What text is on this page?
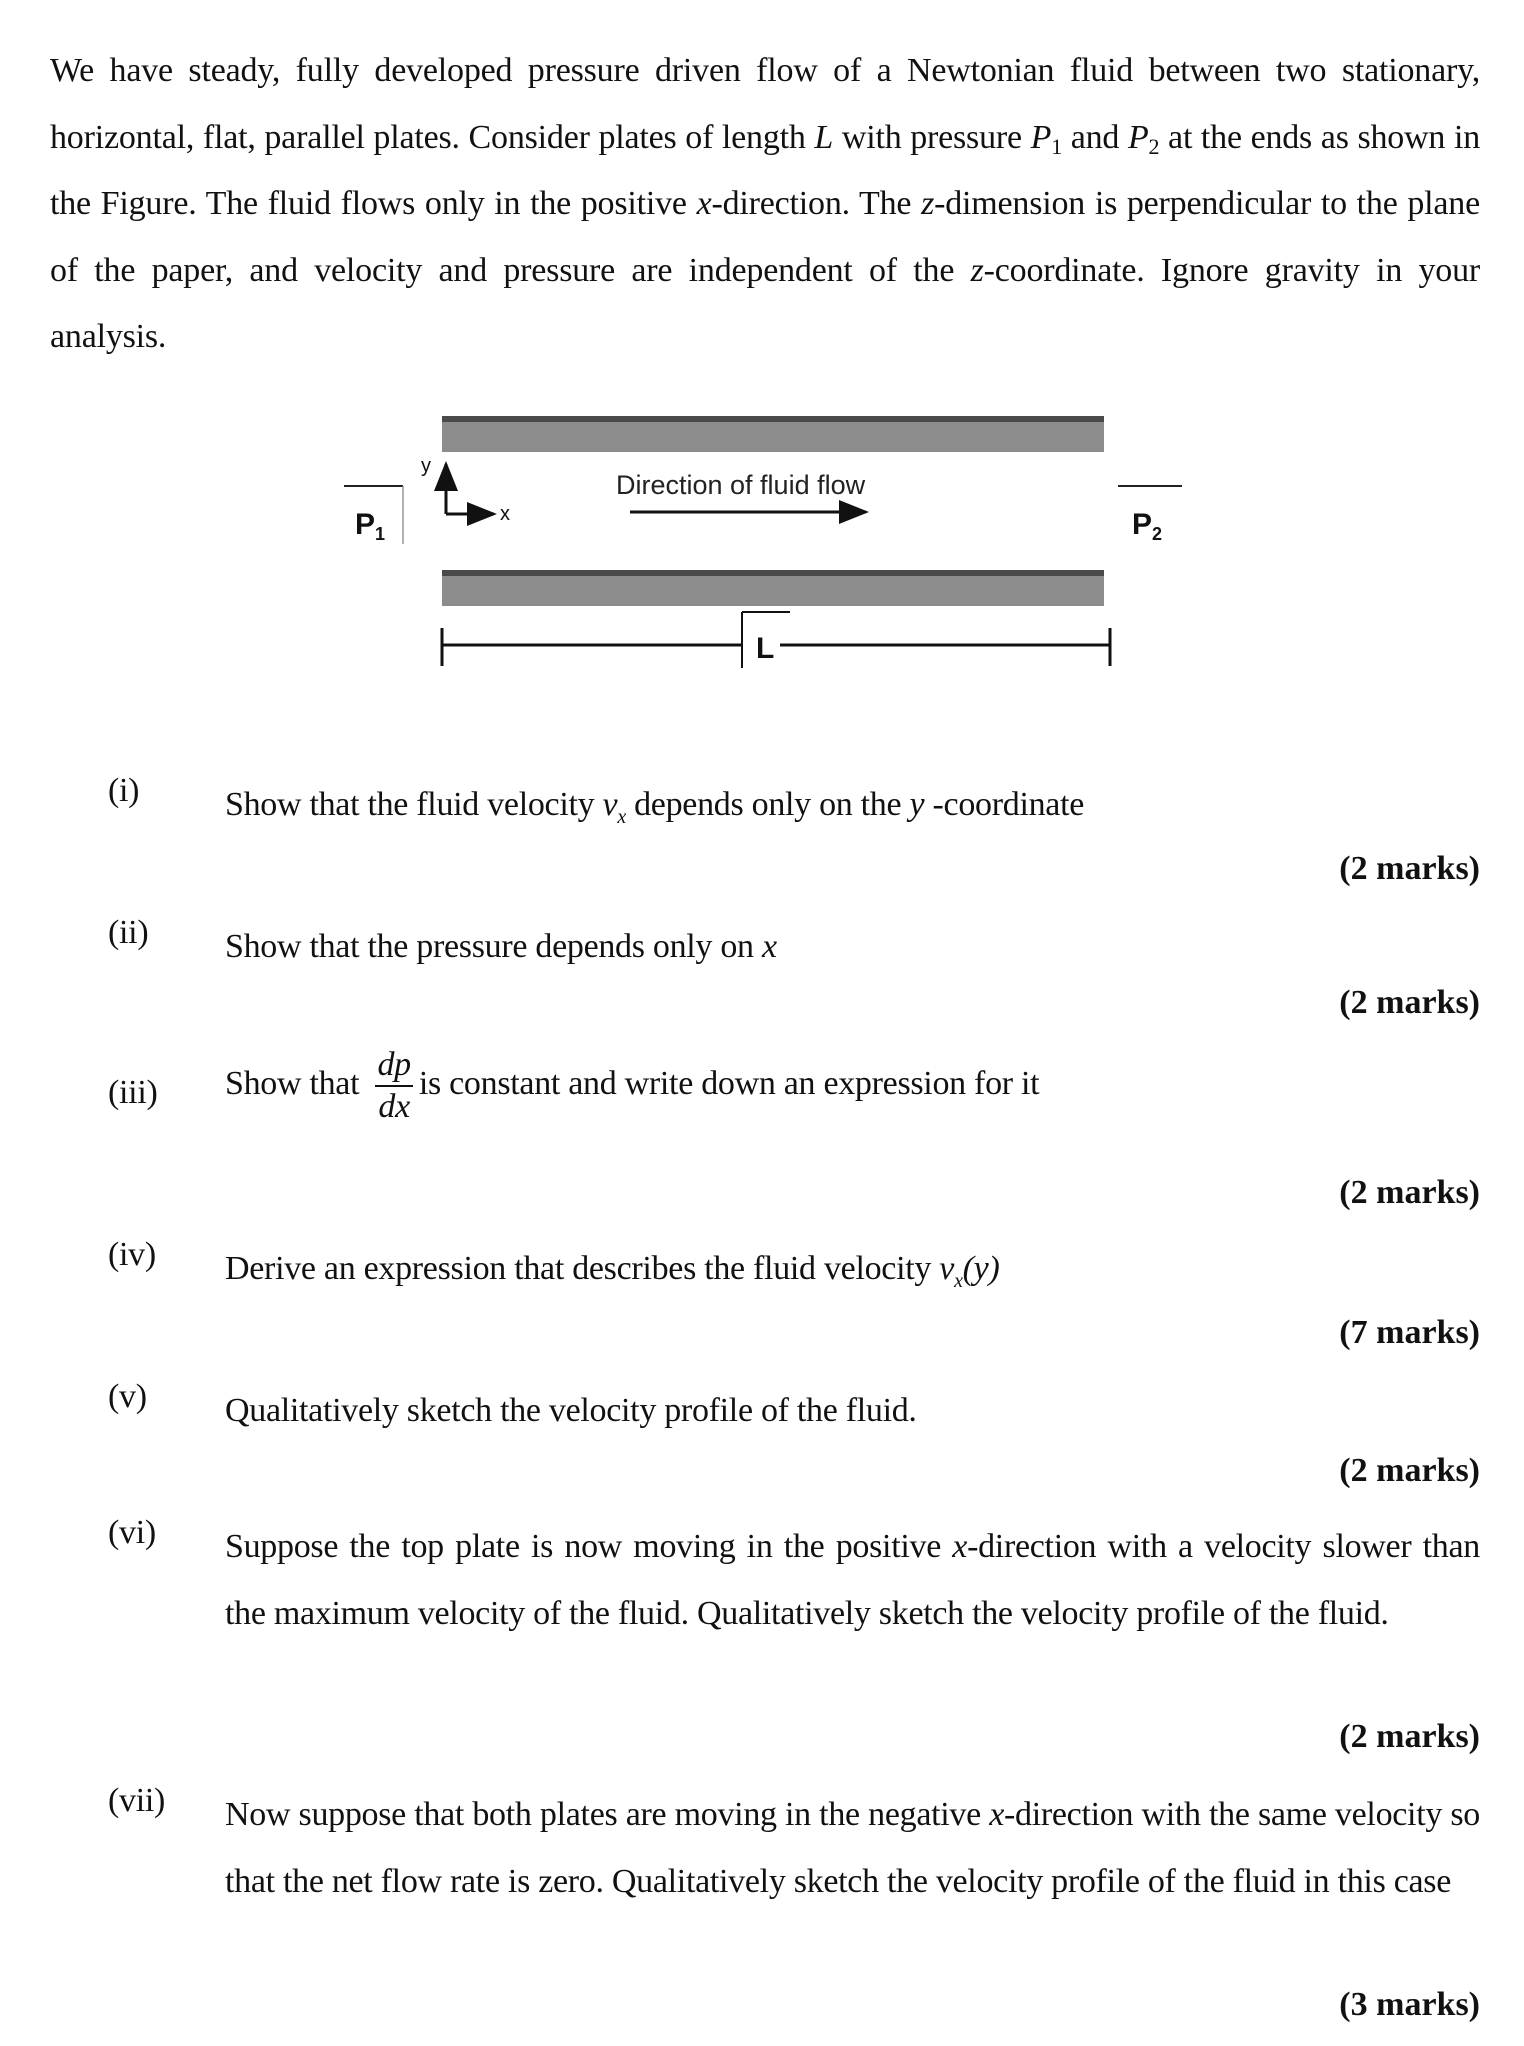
We have steady, fully developed pressure driven flow of a Newtonian fluid between two stationary, horizontal, flat, parallel plates. Consider plates of length L with pressure $P_1$ and $P_2$ at the ends as shown in the Figure. The fluid flows only in the positive x-direction. The z-dimension is perpendicular to the plane of the paper, and velocity and pressure are independent of the z-coordinate. Ignore gravity in your analysis.

$P_1$	$P_2$
y
x
Direction of fluid flow
L
(i)	Show that the fluid velocity $v_x$ depends only on the y -coordinate
(2 marks)
(ii) Show that the pressure depends only on x
(2 marks)
(iii) Show that $\frac{dp}{dx}$ is constant and write down an expression for it
(2 marks)
(iv) Derive an expression that describes the fluid velocity $v_x(y)$
(7 marks)
(v) Qualitatively sketch the velocity profile of the fluid.
(2 marks)
(vi) Suppose the top plate is now moving in the positive x-direction with a velocity slower than the maximum velocity of the fluid. Qualitatively sketch the velocity profile of the fluid.
(2 marks)
(vii) Now suppose that both plates are moving in the negative x-direction with the same velocity so that the net flow rate is zero. Qualitatively sketch the velocity profile of the fluid in this case
(3 marks)
